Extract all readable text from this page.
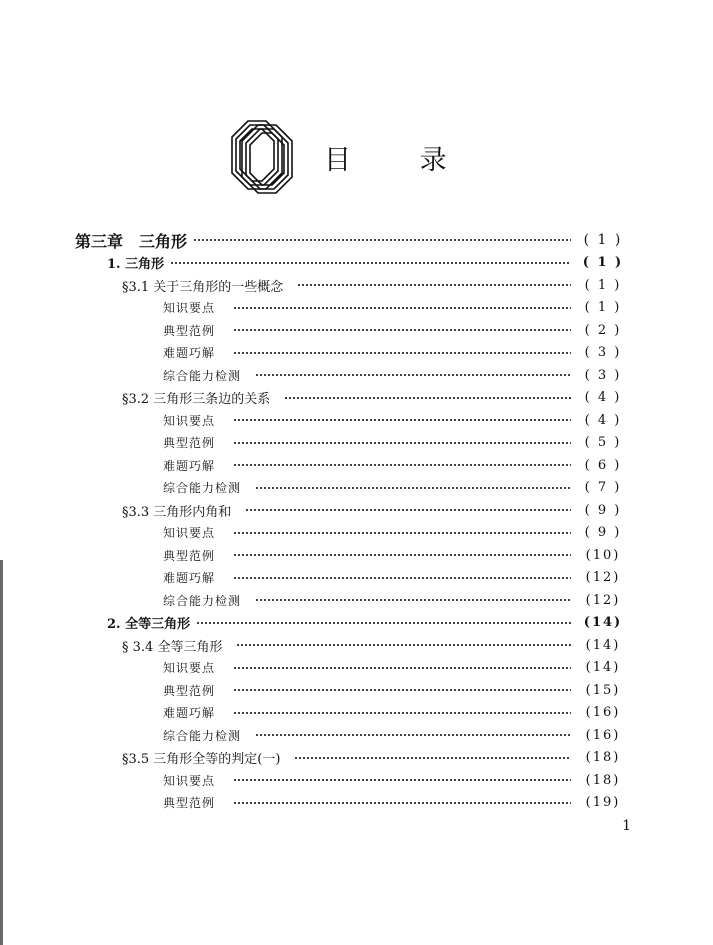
目 录
第三章　三角形	( 1 )
1. 三角形	( 1 )
§3.1 关于三角形的一些概念	( 1 )
知识要点	( 1 )
典型范例	( 2 )
难题巧解	( 3 )
综合能力检测	( 3 )
§3.2 三角形三条边的关系	( 4 )
知识要点	( 4 )
典型范例	( 5 )
难题巧解	( 6 )
综合能力检测	( 7 )
§3.3 三角形内角和	( 9 )
知识要点	( 9 )
典型范例	(10)
难题巧解	(12)
综合能力检测	(12)
2. 全等三角形	(14)
§ 3.4 全等三角形	(14)
知识要点	(14)
典型范例	(15)
难题巧解	(16)
综合能力检测	(16)
§3.5 三角形全等的判定(一)	(18)
知识要点	(18)
典型范例	(19)
1
